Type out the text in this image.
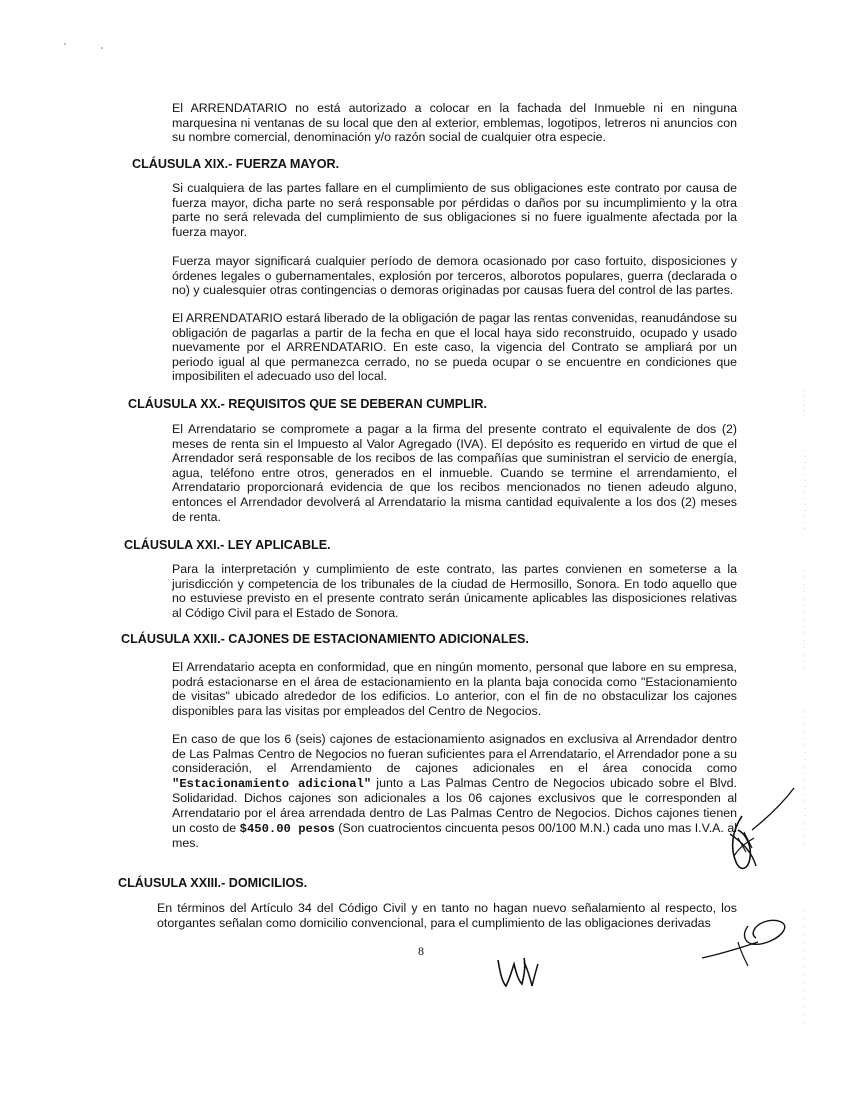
El ARRENDATARIO no está autorizado a colocar en la fachada del Inmueble ni en ninguna marquesina ni ventanas de su local que den al exterior, emblemas, logotipos, letreros ni anuncios con su nombre comercial, denominación y/o razón social de cualquier otra especie.

CLÁUSULA XIX.- FUERZA MAYOR.

Si cualquiera de las partes fallare en el cumplimiento de sus obligaciones este contrato por causa de fuerza mayor, dicha parte no será responsable por pérdidas o daños por su incumplimiento y la otra parte no será relevada del cumplimiento de sus obligaciones si no fuere igualmente afectada por la fuerza mayor.

Fuerza mayor significará cualquier período de demora ocasionado por caso fortuito, disposiciones y órdenes legales o gubernamentales, explosión por terceros, alborotos populares, guerra (declarada o no) y cualesquier otras contingencias o demoras originadas por causas fuera del control de las partes.

El ARRENDATARIO estará liberado de la obligación de pagar las rentas convenidas, reanudándose su obligación de pagarlas a partir de la fecha en que el local haya sido reconstruido, ocupado y usado nuevamente por el ARRENDATARIO. En este caso, la vigencia del Contrato se ampliará por un periodo igual al que permanezca cerrado, no se pueda ocupar o se encuentre en condiciones que imposibiliten el adecuado uso del local.

CLÁUSULA XX.- REQUISITOS QUE SE DEBERAN CUMPLIR.

El Arrendatario se compromete a pagar a la firma del presente contrato el equivalente de dos (2) meses de renta sin el Impuesto al Valor Agregado (IVA). El depósito es requerido en virtud de que el Arrendador será responsable de los recibos de las compañías que suministran el servicio de energía, agua, teléfono entre otros, generados en el inmueble. Cuando se termine el arrendamiento, el Arrendatario proporcionará evidencia de que los recibos mencionados no tienen adeudo alguno, entonces el Arrendador devolverá al Arrendatario la misma cantidad equivalente a los dos (2) meses de renta.

CLÁUSULA XXI.- LEY APLICABLE.

Para la interpretación y cumplimiento de este contrato, las partes convienen en someterse a la jurisdicción y competencia de los tribunales de la ciudad de Hermosillo, Sonora. En todo aquello que no estuviese previsto en el presente contrato serán únicamente aplicables las disposiciones relativas al Código Civil para el Estado de Sonora.

CLÁUSULA XXII.- CAJONES DE ESTACIONAMIENTO ADICIONALES.

El Arrendatario acepta en conformidad, que en ningún momento, personal que labore en su empresa, podrá estacionarse en el área de estacionamiento en la planta baja conocida como "Estacionamiento de visitas" ubicado alrededor de los edificios. Lo anterior, con el fin de no obstaculizar los cajones disponibles para las visitas por empleados del Centro de Negocios.

En caso de que los 6 (seis) cajones de estacionamiento asignados en exclusiva al Arrendador dentro de Las Palmas Centro de Negocios no fueran suficientes para el Arrendatario, el Arrendador pone a su consideración, el Arrendamiento de cajones adicionales en el área conocida como "Estacionamiento adicional" junto a Las Palmas Centro de Negocios ubicado sobre el Blvd. Solidaridad. Dichos cajones son adicionales a los 06 cajones exclusivos que le corresponden al Arrendatario por el área arrendada dentro de Las Palmas Centro de Negocios. Dichos cajones tienen un costo de $450.00 pesos (Son cuatrocientos cincuenta pesos 00/100 M.N.) cada uno mas I.V.A. al mes.

CLÁUSULA XXIII.- DOMICILIOS.

En términos del Artículo 34 del Código Civil y en tanto no hagan nuevo señalamiento al respecto, los otorgantes señalan como domicilio convencional, para el cumplimiento de las obligaciones derivadas

8
